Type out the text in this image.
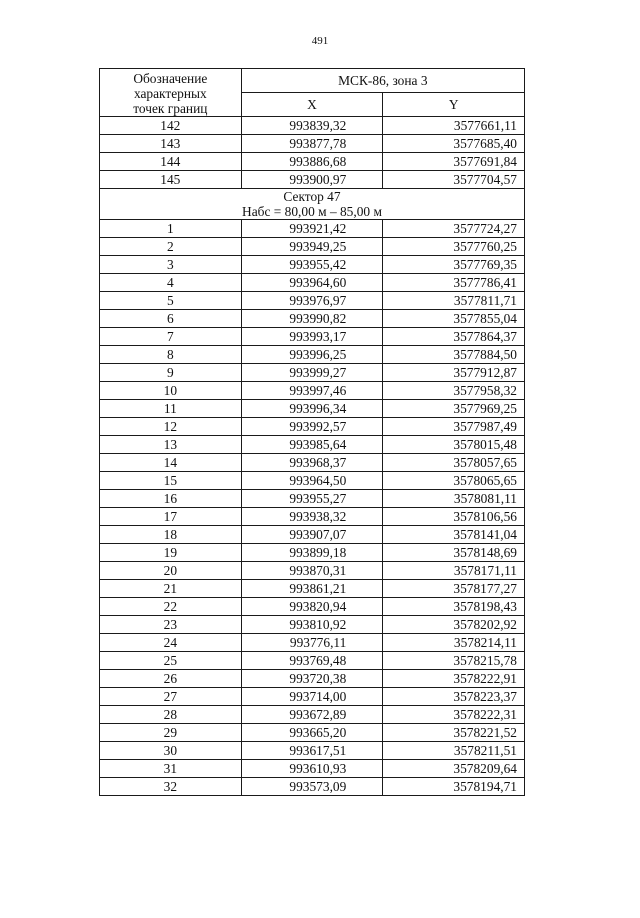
491
Обозначение
характерных
точек границ	МСК-86, зона 3	
	X	Y
142	993839,32	3577661,11
143	993877,78	3577685,40
144	993886,68	3577691,84
145	993900,97	3577704,57

Сектор 47
Набс = 80,00 м – 85,00 м		

1	993921,42	3577724,27
2	993949,25	3577760,25
3	993955,42	3577769,35
4	993964,60	3577786,41
5	993976,97	3577811,71
6	993990,82	3577855,04
7	993993,17	3577864,37
8	993996,25	3577884,50
9	993999,27	3577912,87
10	993997,46	3577958,32
11	993996,34	3577969,25
12	993992,57	3577987,49
13	993985,64	3578015,48
14	993968,37	3578057,65
15	993964,50	3578065,65
16	993955,27	3578081,11
17	993938,32	3578106,56
18	993907,07	3578141,04
19	993899,18	3578148,69
20	993870,31	3578171,11
21	993861,21	3578177,27
22	993820,94	3578198,43
23	993810,92	3578202,92
24	993776,11	3578214,11
25	993769,48	3578215,78
26	993720,38	3578222,91
27	993714,00	3578223,37
28	993672,89	3578222,31
29	993665,20	3578221,52
30	993617,51	3578211,51
31	993610,93	3578209,64
32	993573,09	3578194,71
